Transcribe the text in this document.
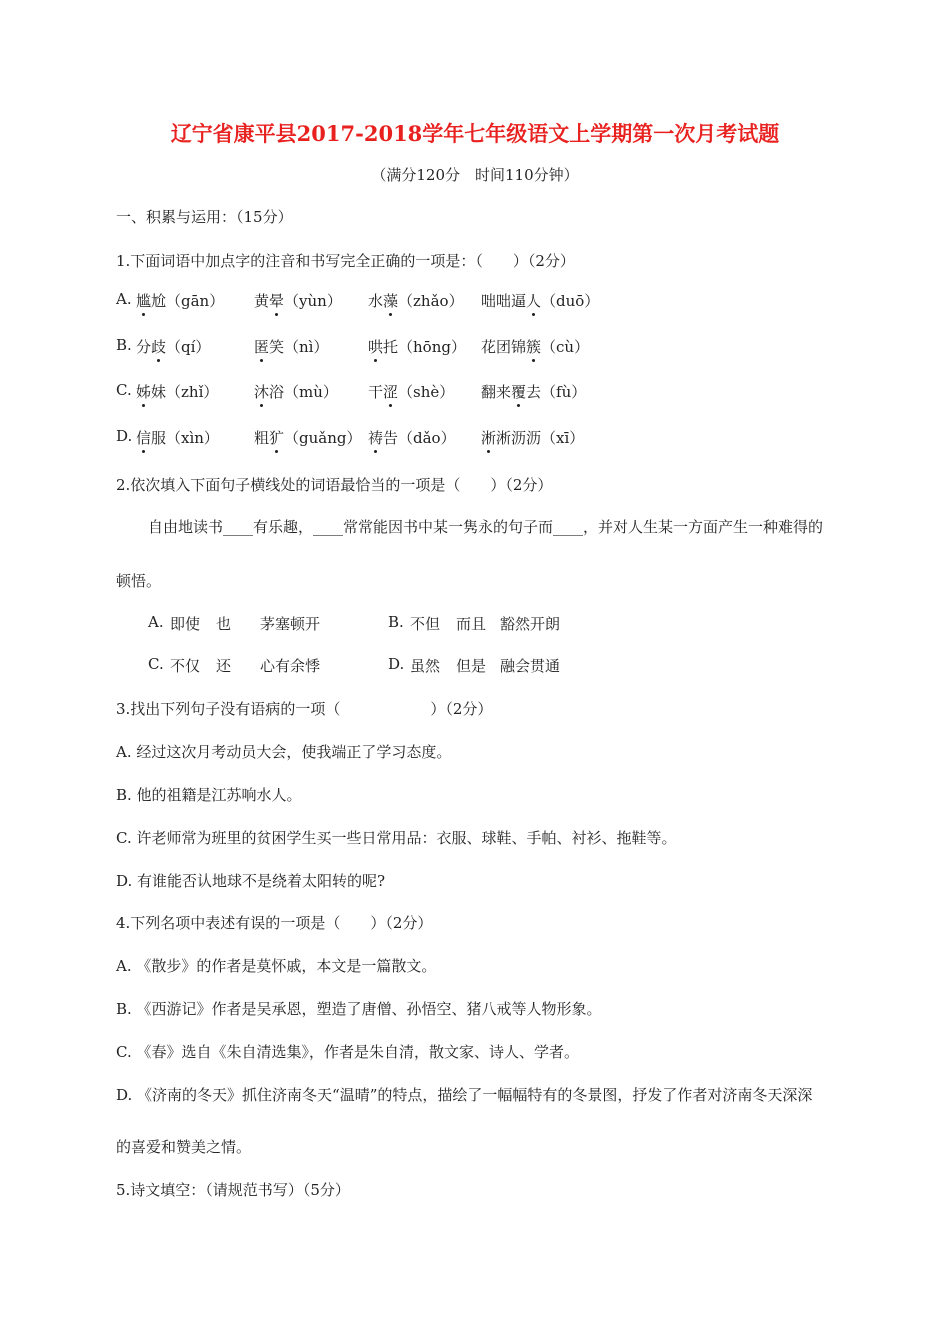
辽宁省康平县2017-2018学年七年级语文上学期第一次月考试题
（满分120分　时间110分钟）
一、积累与运用：（15分）
1.下面词语中加点字的注音和书写完全正确的一项是：（　　）（2分）
A. 尴尬（gān） 黄晕（yùn） 水藻（zhǎo） 咄咄逼人（duō）
B. 分歧（qí）	匿笑（nì）	哄托（hōng） 花团锦簇（cù）
C. 姊妹（zhǐ） 沐浴（mù） 干涩（shè） 翻来覆去（fù）
D. 信服（xìn） 粗犷（guǎng） 祷告（dǎo） 淅淅沥沥（xī）
2.依次填入下面句子横线处的词语最恰当的一项是（　　）（2分）
自由地读书____有乐趣，____常常能因书中某一隽永的句子而____，并对人生某一方面产生一种难得的
顿悟。
A. 即使 也 茅塞顿开	B. 不但 而且 豁然开朗
C. 不仅 还 心有余悸	D. 虽然 但是 融会贯通
3.找出下列句子没有语病的一项（　　　　　　）（2分）
A. 经过这次月考动员大会，使我端正了学习态度。
B. 他的祖籍是江苏响水人。
C. 许老师常为班里的贫困学生买一些日常用品：衣服、球鞋、手帕、衬衫、拖鞋等。
D. 有谁能否认地球不是绕着太阳转的呢?
4.下列名项中表述有误的一项是（　　）（2分）
A. 《散步》的作者是莫怀戚，本文是一篇散文。
B. 《西游记》作者是吴承恩，塑造了唐僧、孙悟空、猪八戒等人物形象。
C. 《春》选自《朱自清选集》，作者是朱自清，散文家、诗人、学者。
D. 《济南的冬天》抓住济南冬天“温晴”的特点，描绘了一幅幅特有的冬景图，抒发了作者对济南冬天深深
的喜爱和赞美之情。
5.诗文填空：（请规范书写）（5分）
